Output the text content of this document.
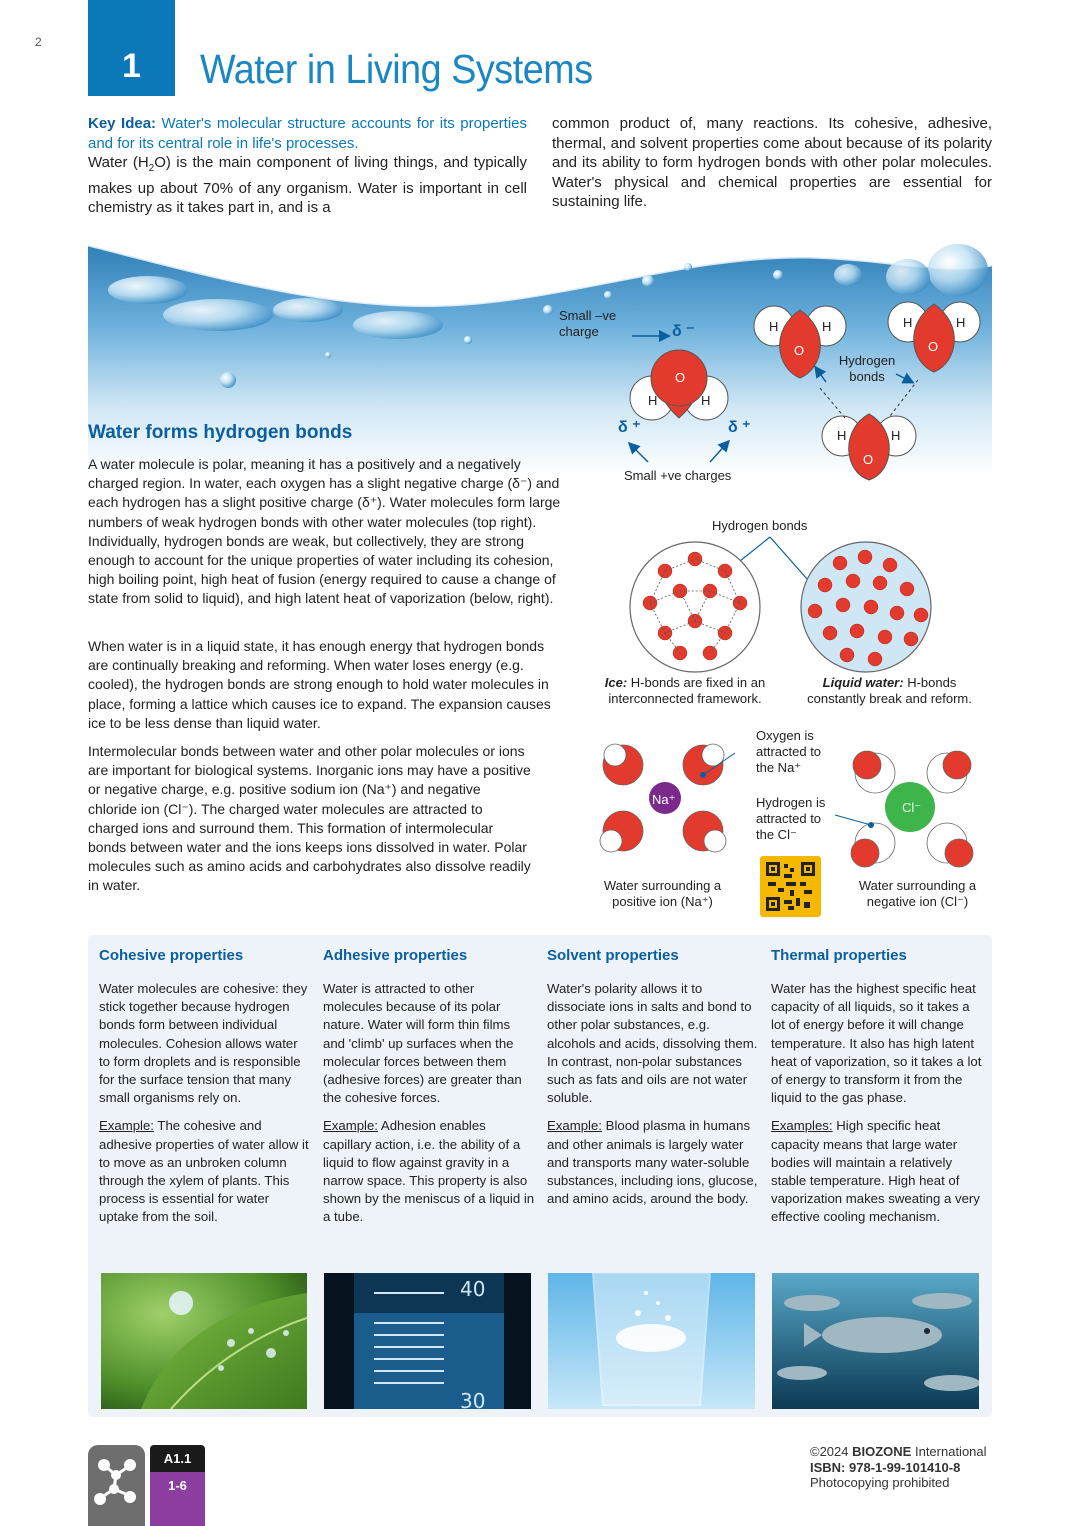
2
1	Water in Living Systems
Key Idea: Water's molecular structure accounts for its properties and for its central role in life's processes.
Water $(H_2O)$ is the main component of living things, and typically makes up about 70% of any organism. Water is important in cell chemistry as it takes part in, and is a
common product of, many reactions. Its cohesive, adhesive, thermal, and solvent properties come about because of its polarity and its ability to form hydrogen bonds with other polar molecules. Water's physical and chemical properties are essential for sustaining life.
H	H
O
H	H
O
H	H
O
H	H
O
Small –ve charge	δ ⁻
δ ⁺	δ ⁺
Small +ve charges
Hydrogen bonds
Water forms hydrogen bonds
A water molecule is polar, meaning it has a positively and a negatively charged region. In water, each oxygen has a slight negative charge (δ⁻) and each hydrogen has a slight positive charge (δ⁺). Water molecules form large numbers of weak hydrogen bonds with other water molecules (top right). Individually, hydrogen bonds are weak, but collectively, they are strong enough to account for the unique properties of water including its cohesion, high boiling point, high heat of fusion (energy required to cause a change of state from solid to liquid), and high latent heat of vaporization (below, right).
When water is in a liquid state, it has enough energy that hydrogen bonds are continually breaking and reforming. When water loses energy (e.g. cooled), the hydrogen bonds are strong enough to hold water molecules in place, forming a lattice which causes ice to expand. The expansion causes ice to be less dense than liquid water.
Intermolecular bonds between water and other polar molecules or ions are important for biological systems. Inorganic ions may have a positive or negative charge, e.g. positive sodium ion (Na⁺) and negative chloride ion (Cl⁻). The charged water molecules are attracted to charged ions and surround them. This formation of intermolecular bonds between water and the ions keeps ions dissolved in water. Polar molecules such as amino acids and carbohydrates also dissolve readily in water.
Hydrogen bonds
Ice: H-bonds are fixed in an interconnected framework.
Liquid water: H-bonds constantly break and reform.
Na⁺
Oxygen is attracted to the Na⁺
Hydrogen is attracted to the Cl⁻
Cl⁻
Water surrounding a positive ion (Na⁺)
Water surrounding a negative ion (Cl⁻)
Cohesive properties
Water molecules are cohesive: they stick together because hydrogen bonds form between individual molecules. Cohesion allows water to form droplets and is responsible for the surface tension that many small organisms rely on.
Example: The cohesive and adhesive properties of water allow it to move as an unbroken column through the xylem of plants. This process is essential for water uptake from the soil.
Adhesive properties
Water is attracted to other molecules because of its polar nature. Water will form thin films and 'climb' up surfaces when the molecular forces between them (adhesive forces) are greater than the cohesive forces.
Example: Adhesion enables capillary action, i.e. the ability of a liquid to flow against gravity in a narrow space. This property is also shown by the meniscus of a liquid in a tube.
Solvent properties
Water's polarity allows it to dissociate ions in salts and bond to other polar substances, e.g. alcohols and acids, dissolving them. In contrast, non-polar substances such as fats and oils are not water soluble.
Example: Blood plasma in humans and other animals is largely water and transports many water-soluble substances, including ions, glucose, and amino acids, around the body.
Thermal properties
Water has the highest specific heat capacity of all liquids, so it takes a lot of energy before it will change temperature. It also has high latent heat of vaporization, so it takes a lot of energy to transform it from the liquid to the gas phase.
Examples: High specific heat capacity means that large water bodies will maintain a relatively stable temperature. High heat of vaporization makes sweating a very effective cooling mechanism.
40
30
A1.1
1-6
©2024 BIOZONE International
ISBN: 978-1-99-101410-8
Photocopying prohibited
